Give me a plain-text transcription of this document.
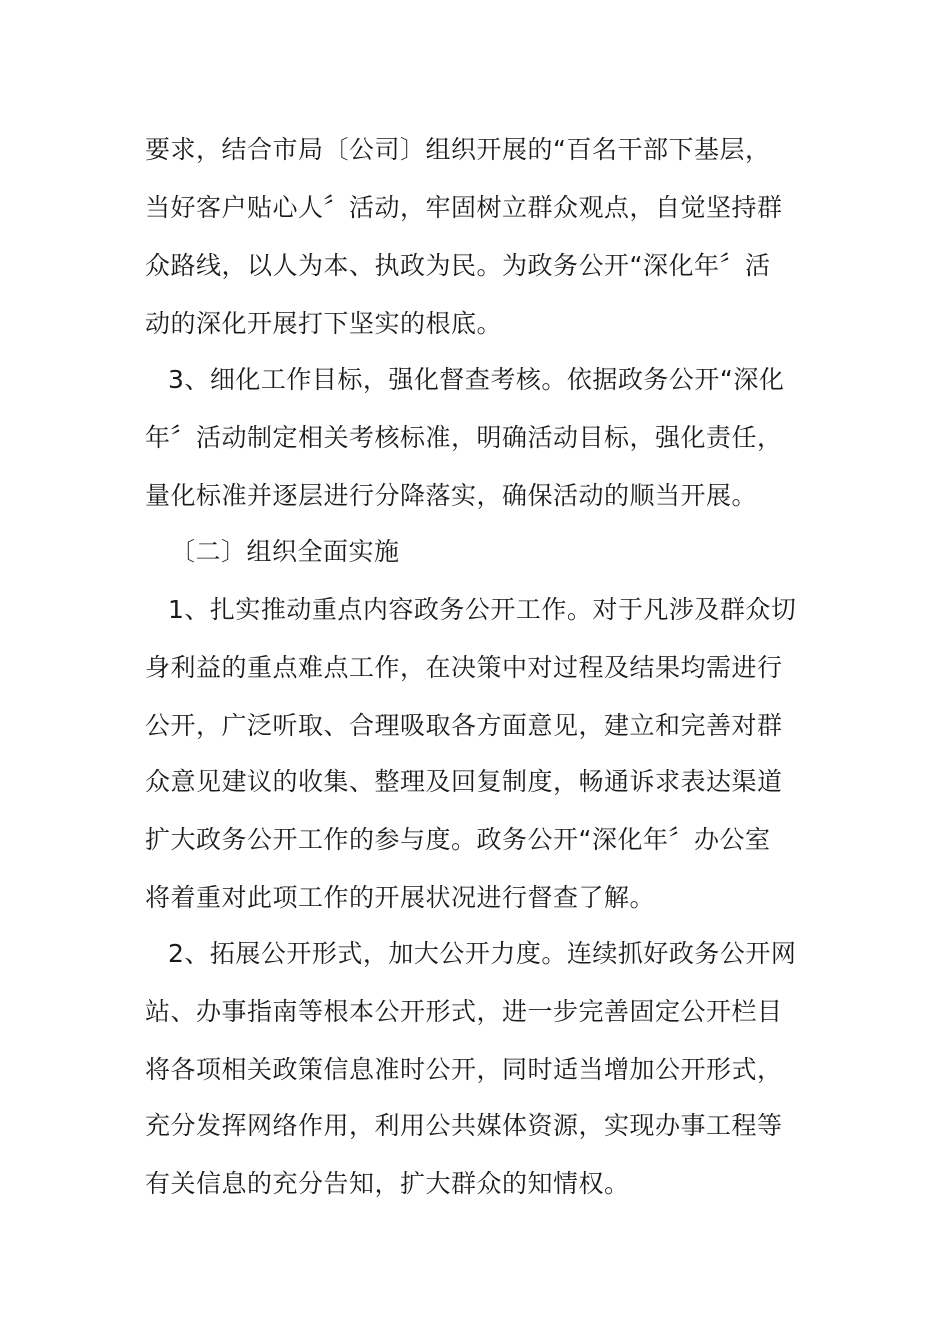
要求，结合市局〔公司〕组织开展的“百名干部下基层，
当好客户贴心人〞活动，牢固树立群众观点，自觉坚持群
众路线，以人为本、执政为民。为政务公开“深化年〞活
动的深化开展打下坚实的根底。
3、细化工作目标，强化督查考核。依据政务公开“深化
年〞活动制定相关考核标准，明确活动目标，强化责任，
量化标准并逐层进行分降落实，确保活动的顺当开展。
〔二〕组织全面实施
1、扎实推动重点内容政务公开工作。对于凡涉及群众切
身利益的重点难点工作，在决策中对过程及结果均需进行
公开，广泛听取、合理吸取各方面意见，建立和完善对群
众意见建议的收集、整理及回复制度，畅通诉求表达渠道
扩大政务公开工作的参与度。政务公开“深化年〞办公室
将着重对此项工作的开展状况进行督查了解。
2、拓展公开形式，加大公开力度。连续抓好政务公开网
站、办事指南等根本公开形式，进一步完善固定公开栏目
将各项相关政策信息准时公开，同时适当增加公开形式，
充分发挥网络作用，利用公共媒体资源，实现办事工程等
有关信息的充分告知，扩大群众的知情权。
